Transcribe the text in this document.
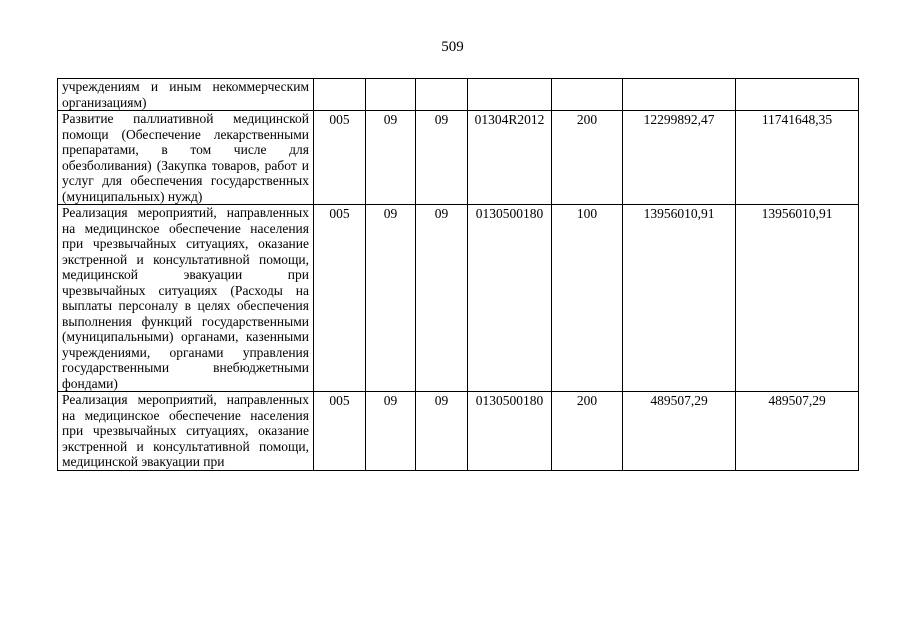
509
учреждениям и иным некоммерческим организациям)							
Развитие паллиативной медицинской помощи (Обеспечение лекарственными препаратами, в том числе для обезболивания) (Закупка товаров, работ и услуг для обеспечения государственных (муниципальных) нужд)	005	09	09	01304R2012	200	12299892,47	11741648,35
Реализация мероприятий, направленных на медицинское обеспечение населения при чрезвычайных ситуациях, оказание экстренной и консультативной помощи, медицинской эвакуации при чрезвычайных ситуациях (Расходы на выплаты персоналу в целях обеспечения выполнения функций государственными (муниципальными) органами, казенными учреждениями, органами управления государственными внебюджетными фондами)	005	09	09	0130500180	100	13956010,91	13956010,91
Реализация мероприятий, направленных на медицинское обеспечение населения при чрезвычайных ситуациях, оказание экстренной и консультативной помощи, медицинской эвакуации при	005	09	09	0130500180	200	489507,29	489507,29
